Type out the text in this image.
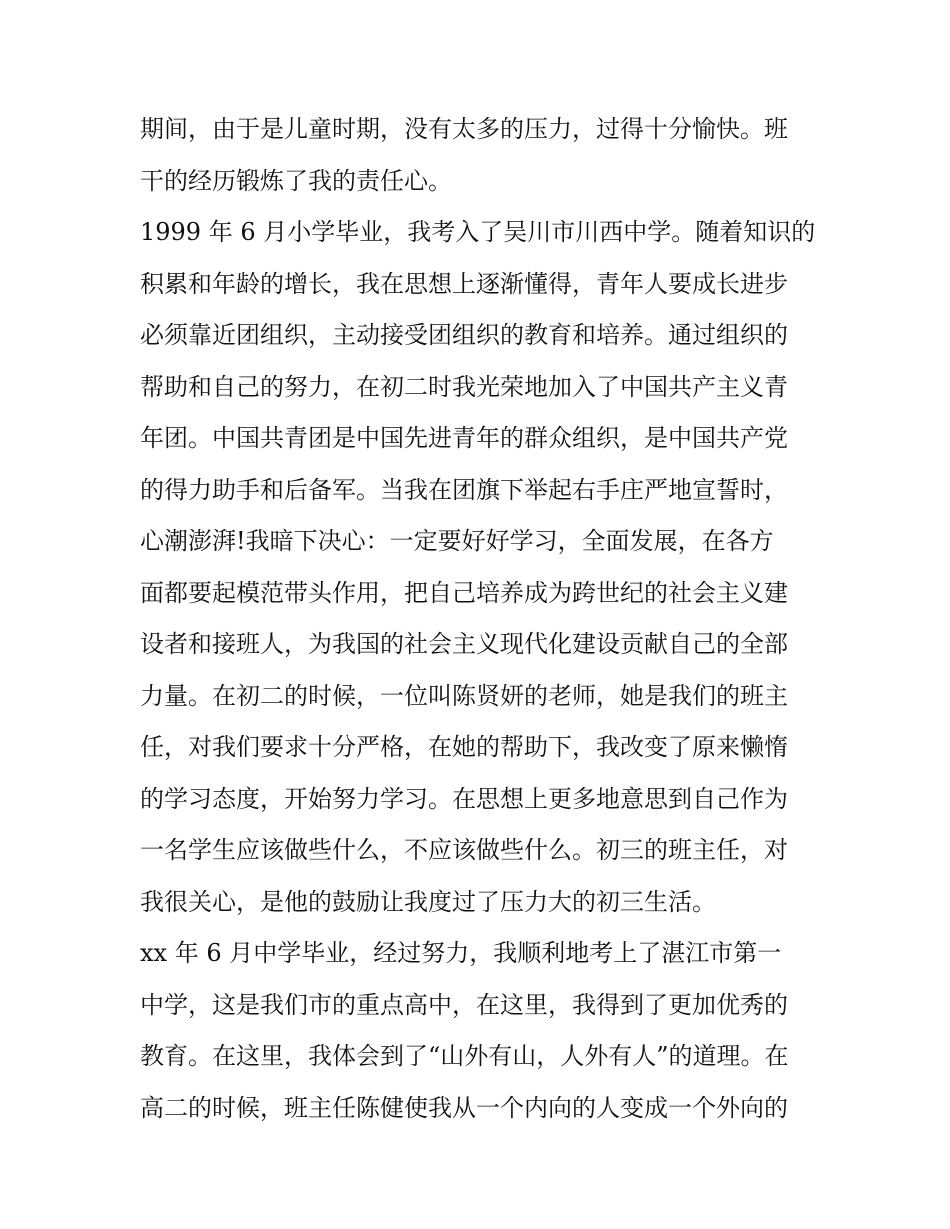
期间，由于是儿童时期，没有太多的压力，过得十分愉快。班

干的经历锻炼了我的责任心。

1999 年 6 月小学毕业，我考入了吴川市川西中学。随着知识的

积累和年龄的增长，我在思想上逐渐懂得，青年人要成长进步

必须靠近团组织，主动接受团组织的教育和培养。通过组织的

帮助和自己的努力，在初二时我光荣地加入了中国共产主义青

年团。中国共青团是中国先进青年的群众组织，是中国共产党

的得力助手和后备军。当我在团旗下举起右手庄严地宣誓时，

心潮澎湃!我暗下决心：一定要好好学习，全面发展，在各方

面都要起模范带头作用，把自己培养成为跨世纪的社会主义建

设者和接班人，为我国的社会主义现代化建设贡献自己的全部

力量。在初二的时候，一位叫陈贤妍的老师，她是我们的班主

任，对我们要求十分严格，在她的帮助下，我改变了原来懒惰

的学习态度，开始努力学习。在思想上更多地意思到自己作为

一名学生应该做些什么，不应该做些什么。初三的班主任，对

我很关心，是他的鼓励让我度过了压力大的初三生活。

xx 年 6 月中学毕业，经过努力，我顺利地考上了湛江市第一

中学，这是我们市的重点高中，在这里，我得到了更加优秀的

教育。在这里，我体会到了“山外有山，人外有人”的道理。在

高二的时候，班主任陈健使我从一个内向的人变成一个外向的
